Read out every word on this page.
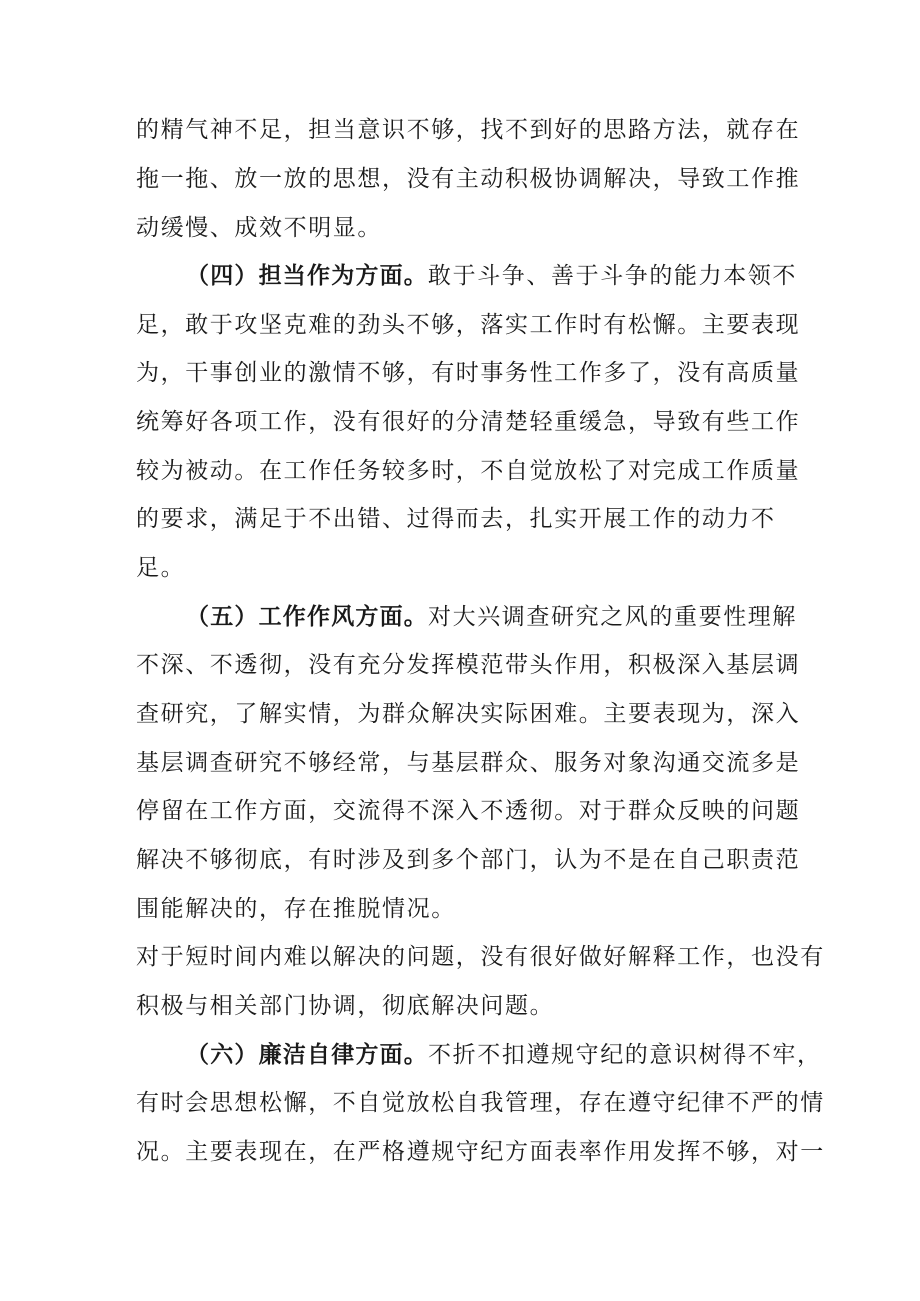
的精气神不足，担当意识不够，找不到好的思路方法，就存在
拖一拖、放一放的思想，没有主动积极协调解决，导致工作推
动缓慢、成效不明显。
（四）担当作为方面。敢于斗争、善于斗争的能力本领不
足，敢于攻坚克难的劲头不够，落实工作时有松懈。主要表现
为，干事创业的激情不够，有时事务性工作多了，没有高质量
统筹好各项工作，没有很好的分清楚轻重缓急，导致有些工作
较为被动。在工作任务较多时，不自觉放松了对完成工作质量
的要求，满足于不出错、过得而去，扎实开展工作的动力不
足。
（五）工作作风方面。对大兴调查研究之风的重要性理解
不深、不透彻，没有充分发挥模范带头作用，积极深入基层调
查研究，了解实情，为群众解决实际困难。主要表现为，深入
基层调查研究不够经常，与基层群众、服务对象沟通交流多是
停留在工作方面，交流得不深入不透彻。对于群众反映的问题
解决不够彻底，有时涉及到多个部门，认为不是在自己职责范
围能解决的，存在推脱情况。
对于短时间内难以解决的问题，没有很好做好解释工作，也没有
积极与相关部门协调，彻底解决问题。
（六）廉洁自律方面。不折不扣遵规守纪的意识树得不牢，
有时会思想松懈，不自觉放松自我管理，存在遵守纪律不严的情
况。主要表现在，在严格遵规守纪方面表率作用发挥不够，对一
